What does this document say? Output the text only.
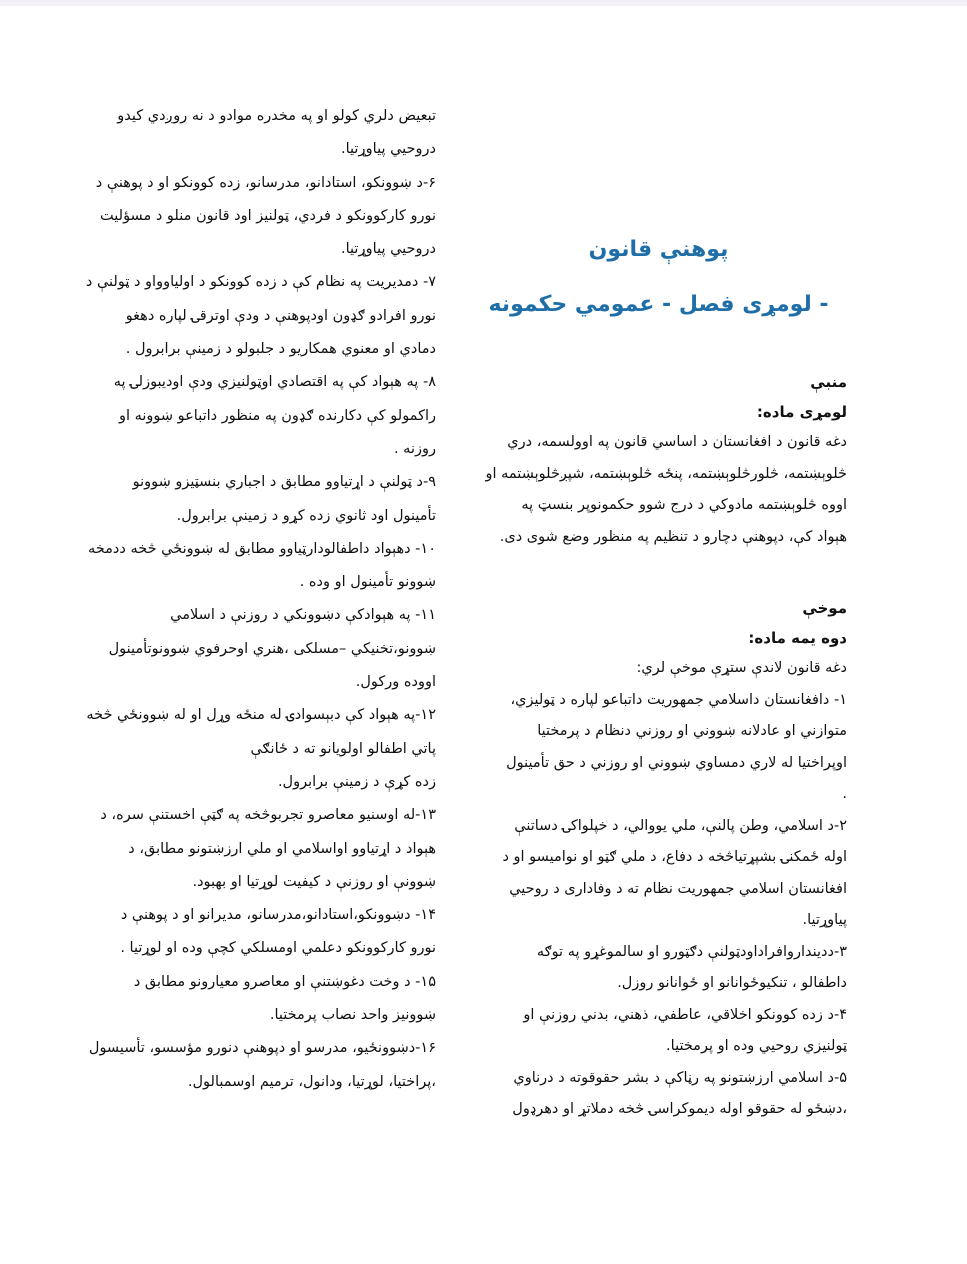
تبعیض دلري کولو او په مخدره موادو د نه روږدي کيدو
دروحيي پياوړتيا.
۶-د ښوونکو، استادانو، مدرسانو، زده کوونکو او د پوهنې د
نورو کارکوونکو د فردي، ټولنيز اود قانون منلو د مسؤليت
دروحيي پياوړتيا.
۷- دمديريت په نظام کې د زده کوونکو د اولياوواو د ټولنې د
نورو افرادو ګډون اودپوهنې د ودې اوترقۍ لپاره دهغو
دمادي او معنوي همکاريو د جلبولو د زمينې برابرول .
۸- په هېواد کې په اقتصادي اوټولنيزي ودې اوديبوزلۍ په
راکمولو کې دکارنده ګډون په منظور داتباعو ښوونه او
روزنه .
۹-د ټولنې د اړتياوو مطابق د اجباري بنسټيزو ښوونو
تأمينول اود ثانوي زده کړو د زمينې برابرول.
۱۰- دهېواد داطفالودارټياوو مطابق له ښوونځي څخه ددمخه
ښوونو تأمينول او وده .
۱۱- په هېوادکې دښوونکي د روزنې د اسلامي
ښوونو،تخنيکي –مسلکی ،هنري اوحرفوي ښوونوتأمينول
اووده ورکول.
۱۲-په هېواد کې دبېسوادۍ له منځه وړل او له ښوونځي څخه
پاتي اطفالو اولويانو ته د ځانګې
زده کړې د زمينې برابرول.
۱۳-له اوسنيو معاصرو تجربوڅخه په ګټې اخستنې سره، د
هېواد د اړتياوو اواسلامي او ملي ارزښتونو مطابق، د
ښوونې او روزنې د کيفيت لوړتيا او بهبود.
۱۴- دښوونکو،استادانو،مدرسانو، مديرانو او د پوهنې د
نورو کارکوونکو دعلمي اومسلکي کچې وده او لوړتيا .
۱۵- د وخت دغوښتنې او معاصرو معيارونو مطابق د
ښوونيز واحد نصاب پرمختيا.
۱۶-دښوونځيو، مدرسو او دپوهنې دنورو مؤسسو، تأسيسول
،پراختيا، لوړتيا، ودانول، ترميم اوسمبالول.
پوهنې قانون
- لومړی فصل - عمومي حکمونه
منبې
لومړی ماده:
دغه قانون د افغانستان د اساسي قانون په اوولسمه، دري
څلوېښتمه، څلورڅلوېښتمه، پنځه څلوېښتمه، شپږڅلوېښتمه او
اووه څلوېښتمه مادوکي د درج شوو حکمونوپر بنسټ په
هېواد کې، دپوهنې دچارو د تنظيم په منظور وضع شوی دی.
موخې
دوه يمه ماده:
دغه قانون لاندې ستړې موخې لري:
۱- دافغانستان داسلامي جمهوريت داتباعو لپاره د ټوليزي،
متوازني او عادلانه ښووني او روزني دنظام د پرمختيا
اوپراختيا له لاري دمساوي ښووني او روزني د حق تأمينول
.
۲-د اسلامي، وطن پالنې، ملي يووالي، د خپلواکۍ دساتنې
اوله ځمکنۍ بشپړتياڅخه د دفاع، د ملي ګټو او نواميسو او د
افغانستان اسلامي جمهوريت نظام ته د وفاداری د روحيي
پياوړتيا.
۳-ددينداروافراداودټولنې دګټورو او سالموغړو په توګه
داطفالو ، تنکيوځوانانو او ځوانانو روزل.
۴-د زده کوونکو اخلاقي، عاطفي، ذهني، بدني روزنې او
ټولنيزي روحيي وده او پرمختيا.
۵-د اسلامي ارزښتونو په رڼاکې د بشر حقوقوته د درناوي
،دښځو له حقوقو اوله ديموکراسۍ څخه دملاتړ او دهرډول
